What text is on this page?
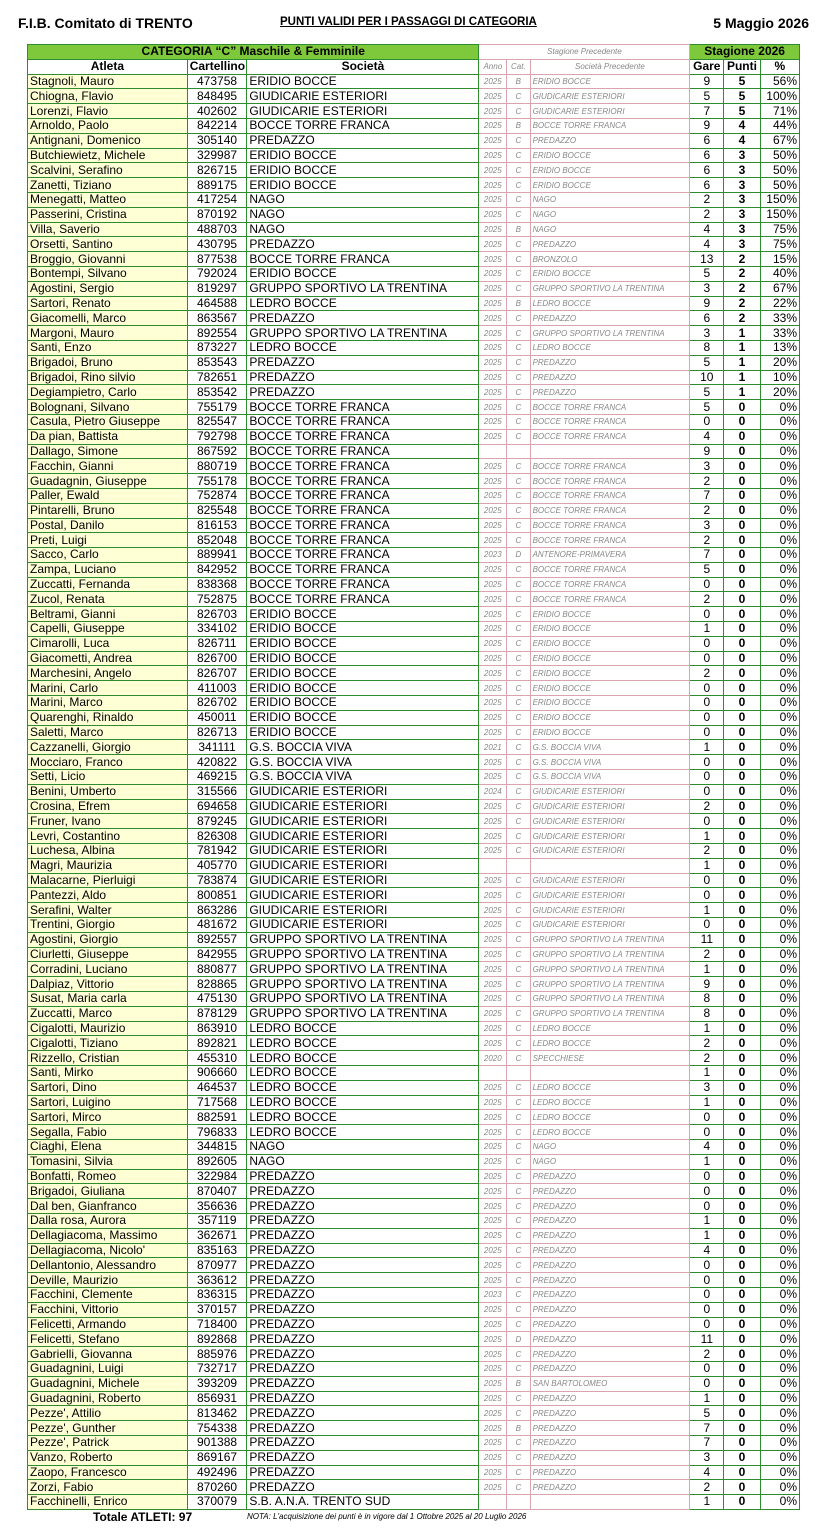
F.I.B. Comitato di TRENTO	PUNTI VALIDI PER I PASSAGGI DI CATEGORIA	5 Maggio 2026
CATEGORIA “C” Maschile & Femminile			Stagione Precedente			Stagione 2026		
Atleta	Cartellino	Società	Anno	Cat.	Società Precedente	Gare	Punti	%
Stagnoli, Mauro	473758	ERIDIO BOCCE	2025	B	ERIDIO BOCCE	9	5	56%
Chiogna, Flavio	848495	GIUDICARIE ESTERIORI	2025	C	GIUDICARIE ESTERIORI	5	5	100%
Lorenzi, Flavio	402602	GIUDICARIE ESTERIORI	2025	C	GIUDICARIE ESTERIORI	7	5	71%
Arnoldo, Paolo	842214	BOCCE TORRE FRANCA	2025	B	BOCCE TORRE FRANCA	9	4	44%
Antignani, Domenico	305140	PREDAZZO	2025	C	PREDAZZO	6	4	67%
Butchiewietz, Michele	329987	ERIDIO BOCCE	2025	C	ERIDIO BOCCE	6	3	50%
Scalvini, Serafino	826715	ERIDIO BOCCE	2025	C	ERIDIO BOCCE	6	3	50%
Zanetti, Tiziano	889175	ERIDIO BOCCE	2025	C	ERIDIO BOCCE	6	3	50%
Menegatti, Matteo	417254	NAGO	2025	C	NAGO	2	3	150%
Passerini, Cristina	870192	NAGO	2025	C	NAGO	2	3	150%
Villa, Saverio	488703	NAGO	2025	B	NAGO	4	3	75%
Orsetti, Santino	430795	PREDAZZO	2025	C	PREDAZZO	4	3	75%
Broggio, Giovanni	877538	BOCCE TORRE FRANCA	2025	C	BRONZOLO	13	2	15%
Bontempi, Silvano	792024	ERIDIO BOCCE	2025	C	ERIDIO BOCCE	5	2	40%
Agostini, Sergio	819297	GRUPPO SPORTIVO LA TRENTINA	2025	C	GRUPPO SPORTIVO LA TRENTINA	3	2	67%
Sartori, Renato	464588	LEDRO BOCCE	2025	B	LEDRO BOCCE	9	2	22%
Giacomelli, Marco	863567	PREDAZZO	2025	C	PREDAZZO	6	2	33%
Margoni, Mauro	892554	GRUPPO SPORTIVO LA TRENTINA	2025	C	GRUPPO SPORTIVO LA TRENTINA	3	1	33%
Santi, Enzo	873227	LEDRO BOCCE	2025	C	LEDRO BOCCE	8	1	13%
Brigadoi, Bruno	853543	PREDAZZO	2025	C	PREDAZZO	5	1	20%
Brigadoi, Rino silvio	782651	PREDAZZO	2025	C	PREDAZZO	10	1	10%
Degiampietro, Carlo	853542	PREDAZZO	2025	C	PREDAZZO	5	1	20%
Bolognani, Silvano	755179	BOCCE TORRE FRANCA	2025	C	BOCCE TORRE FRANCA	5	0	0%
Casula, Pietro Giuseppe	825547	BOCCE TORRE FRANCA	2025	C	BOCCE TORRE FRANCA	0	0	0%
Da pian, Battista	792798	BOCCE TORRE FRANCA	2025	C	BOCCE TORRE FRANCA	4	0	0%
Dallago, Simone	867592	BOCCE TORRE FRANCA				9	0	0%
Facchin, Gianni	880719	BOCCE TORRE FRANCA	2025	C	BOCCE TORRE FRANCA	3	0	0%
Guadagnin, Giuseppe	755178	BOCCE TORRE FRANCA	2025	C	BOCCE TORRE FRANCA	2	0	0%
Paller, Ewald	752874	BOCCE TORRE FRANCA	2025	C	BOCCE TORRE FRANCA	7	0	0%
Pintarelli, Bruno	825548	BOCCE TORRE FRANCA	2025	C	BOCCE TORRE FRANCA	2	0	0%
Postal, Danilo	816153	BOCCE TORRE FRANCA	2025	C	BOCCE TORRE FRANCA	3	0	0%
Preti, Luigi	852048	BOCCE TORRE FRANCA	2025	C	BOCCE TORRE FRANCA	2	0	0%
Sacco, Carlo	889941	BOCCE TORRE FRANCA	2023	D	ANTENORE-PRIMAVERA	7	0	0%
Zampa, Luciano	842952	BOCCE TORRE FRANCA	2025	C	BOCCE TORRE FRANCA	5	0	0%
Zuccatti, Fernanda	838368	BOCCE TORRE FRANCA	2025	C	BOCCE TORRE FRANCA	0	0	0%
Zucol, Renata	752875	BOCCE TORRE FRANCA	2025	C	BOCCE TORRE FRANCA	2	0	0%
Beltrami, Gianni	826703	ERIDIO BOCCE	2025	C	ERIDIO BOCCE	0	0	0%
Capelli, Giuseppe	334102	ERIDIO BOCCE	2025	C	ERIDIO BOCCE	1	0	0%
Cimarolli, Luca	826711	ERIDIO BOCCE	2025	C	ERIDIO BOCCE	0	0	0%
Giacometti, Andrea	826700	ERIDIO BOCCE	2025	C	ERIDIO BOCCE	0	0	0%
Marchesini, Angelo	826707	ERIDIO BOCCE	2025	C	ERIDIO BOCCE	2	0	0%
Marini, Carlo	411003	ERIDIO BOCCE	2025	C	ERIDIO BOCCE	0	0	0%
Marini, Marco	826702	ERIDIO BOCCE	2025	C	ERIDIO BOCCE	0	0	0%
Quarenghi, Rinaldo	450011	ERIDIO BOCCE	2025	C	ERIDIO BOCCE	0	0	0%
Saletti, Marco	826713	ERIDIO BOCCE	2025	C	ERIDIO BOCCE	0	0	0%
Cazzanelli, Giorgio	341111	G.S. BOCCIA VIVA	2021	C	G.S. BOCCIA VIVA	1	0	0%
Mocciaro, Franco	420822	G.S. BOCCIA VIVA	2025	C	G.S. BOCCIA VIVA	0	0	0%
Setti, Licio	469215	G.S. BOCCIA VIVA	2025	C	G.S. BOCCIA VIVA	0	0	0%
Benini, Umberto	315566	GIUDICARIE ESTERIORI	2024	C	GIUDICARIE ESTERIORI	0	0	0%
Crosina, Efrem	694658	GIUDICARIE ESTERIORI	2025	C	GIUDICARIE ESTERIORI	2	0	0%
Fruner, Ivano	879245	GIUDICARIE ESTERIORI	2025	C	GIUDICARIE ESTERIORI	0	0	0%
Levri, Costantino	826308	GIUDICARIE ESTERIORI	2025	C	GIUDICARIE ESTERIORI	1	0	0%
Luchesa, Albina	781942	GIUDICARIE ESTERIORI	2025	C	GIUDICARIE ESTERIORI	2	0	0%
Magri, Maurizia	405770	GIUDICARIE ESTERIORI				1	0	0%
Malacarne, Pierluigi	783874	GIUDICARIE ESTERIORI	2025	C	GIUDICARIE ESTERIORI	0	0	0%
Pantezzi, Aldo	800851	GIUDICARIE ESTERIORI	2025	C	GIUDICARIE ESTERIORI	0	0	0%
Serafini, Walter	863286	GIUDICARIE ESTERIORI	2025	C	GIUDICARIE ESTERIORI	1	0	0%
Trentini, Giorgio	481672	GIUDICARIE ESTERIORI	2025	C	GIUDICARIE ESTERIORI	0	0	0%
Agostini, Giorgio	892557	GRUPPO SPORTIVO LA TRENTINA	2025	C	GRUPPO SPORTIVO LA TRENTINA	11	0	0%
Ciurletti, Giuseppe	842955	GRUPPO SPORTIVO LA TRENTINA	2025	C	GRUPPO SPORTIVO LA TRENTINA	2	0	0%
Corradini, Luciano	880877	GRUPPO SPORTIVO LA TRENTINA	2025	C	GRUPPO SPORTIVO LA TRENTINA	1	0	0%
Dalpiaz, Vittorio	828865	GRUPPO SPORTIVO LA TRENTINA	2025	C	GRUPPO SPORTIVO LA TRENTINA	9	0	0%
Susat, Maria carla	475130	GRUPPO SPORTIVO LA TRENTINA	2025	C	GRUPPO SPORTIVO LA TRENTINA	8	0	0%
Zuccatti, Marco	878129	GRUPPO SPORTIVO LA TRENTINA	2025	C	GRUPPO SPORTIVO LA TRENTINA	8	0	0%
Cigalotti, Maurizio	863910	LEDRO BOCCE	2025	C	LEDRO BOCCE	1	0	0%
Cigalotti, Tiziano	892821	LEDRO BOCCE	2025	C	LEDRO BOCCE	2	0	0%
Rizzello, Cristian	455310	LEDRO BOCCE	2020	C	SPECCHIESE	2	0	0%
Santi, Mirko	906660	LEDRO BOCCE				1	0	0%
Sartori, Dino	464537	LEDRO BOCCE	2025	C	LEDRO BOCCE	3	0	0%
Sartori, Luigino	717568	LEDRO BOCCE	2025	C	LEDRO BOCCE	1	0	0%
Sartori, Mirco	882591	LEDRO BOCCE	2025	C	LEDRO BOCCE	0	0	0%
Segalla, Fabio	796833	LEDRO BOCCE	2025	C	LEDRO BOCCE	0	0	0%
Ciaghi, Elena	344815	NAGO	2025	C	NAGO	4	0	0%
Tomasini, Silvia	892605	NAGO	2025	C	NAGO	1	0	0%
Bonfatti, Romeo	322984	PREDAZZO	2025	C	PREDAZZO	0	0	0%
Brigadoi, Giuliana	870407	PREDAZZO	2025	C	PREDAZZO	0	0	0%
Dal ben, Gianfranco	356636	PREDAZZO	2025	C	PREDAZZO	0	0	0%
Dalla rosa, Aurora	357119	PREDAZZO	2025	C	PREDAZZO	1	0	0%
Dellagiacoma, Massimo	362671	PREDAZZO	2025	C	PREDAZZO	1	0	0%
Dellagiacoma, Nicolo'	835163	PREDAZZO	2025	C	PREDAZZO	4	0	0%
Dellantonio, Alessandro	870977	PREDAZZO	2025	C	PREDAZZO	0	0	0%
Deville, Maurizio	363612	PREDAZZO	2025	C	PREDAZZO	0	0	0%
Facchini, Clemente	836315	PREDAZZO	2023	C	PREDAZZO	0	0	0%
Facchini, Vittorio	370157	PREDAZZO	2025	C	PREDAZZO	0	0	0%
Felicetti, Armando	718400	PREDAZZO	2025	C	PREDAZZO	0	0	0%
Felicetti, Stefano	892868	PREDAZZO	2025	D	PREDAZZO	11	0	0%
Gabrielli, Giovanna	885976	PREDAZZO	2025	C	PREDAZZO	2	0	0%
Guadagnini, Luigi	732717	PREDAZZO	2025	C	PREDAZZO	0	0	0%
Guadagnini, Michele	393209	PREDAZZO	2025	B	SAN BARTOLOMEO	0	0	0%
Guadagnini, Roberto	856931	PREDAZZO	2025	C	PREDAZZO	1	0	0%
Pezze', Attilio	813462	PREDAZZO	2025	C	PREDAZZO	5	0	0%
Pezze', Gunther	754338	PREDAZZO	2025	B	PREDAZZO	7	0	0%
Pezze', Patrick	901388	PREDAZZO	2025	C	PREDAZZO	7	0	0%
Vanzo, Roberto	869167	PREDAZZO	2025	C	PREDAZZO	3	0	0%
Zaopo, Francesco	492496	PREDAZZO	2025	C	PREDAZZO	4	0	0%
Zorzi, Fabio	870260	PREDAZZO	2025	C	PREDAZZO	2	0	0%
Facchinelli, Enrico	370079	S.B. A.N.A. TRENTO SUD				1	0	0%
Totale ATLETI: 97	NOTA: L'acquisizione dei punti è in vigore dal 1 Ottobre 2025 al 20 Luglio 2026
